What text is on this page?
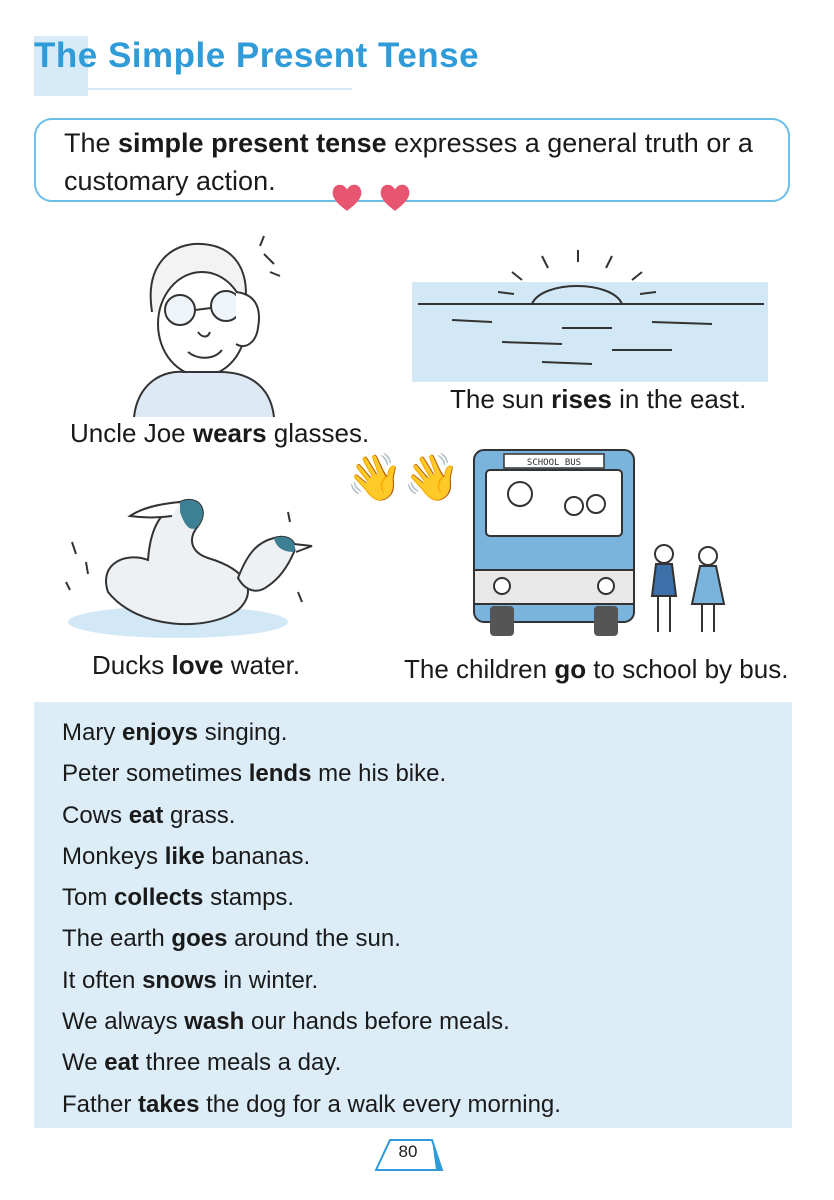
The Simple Present Tense
The simple present tense expresses a general truth or a customary action.
Uncle Joe wears glasses.
The sun rises in the east.
👋👋	SCHOOL BUS
Ducks love water.	The children go to school by bus.
Mary enjoys singing.
Peter sometimes lends me his bike.
Cows eat grass.
Monkeys like bananas.
Tom collects stamps.
The earth goes around the sun.
It often snows in winter.
We always wash our hands before meals.
We eat three meals a day.
Father takes the dog for a walk every morning.
80
